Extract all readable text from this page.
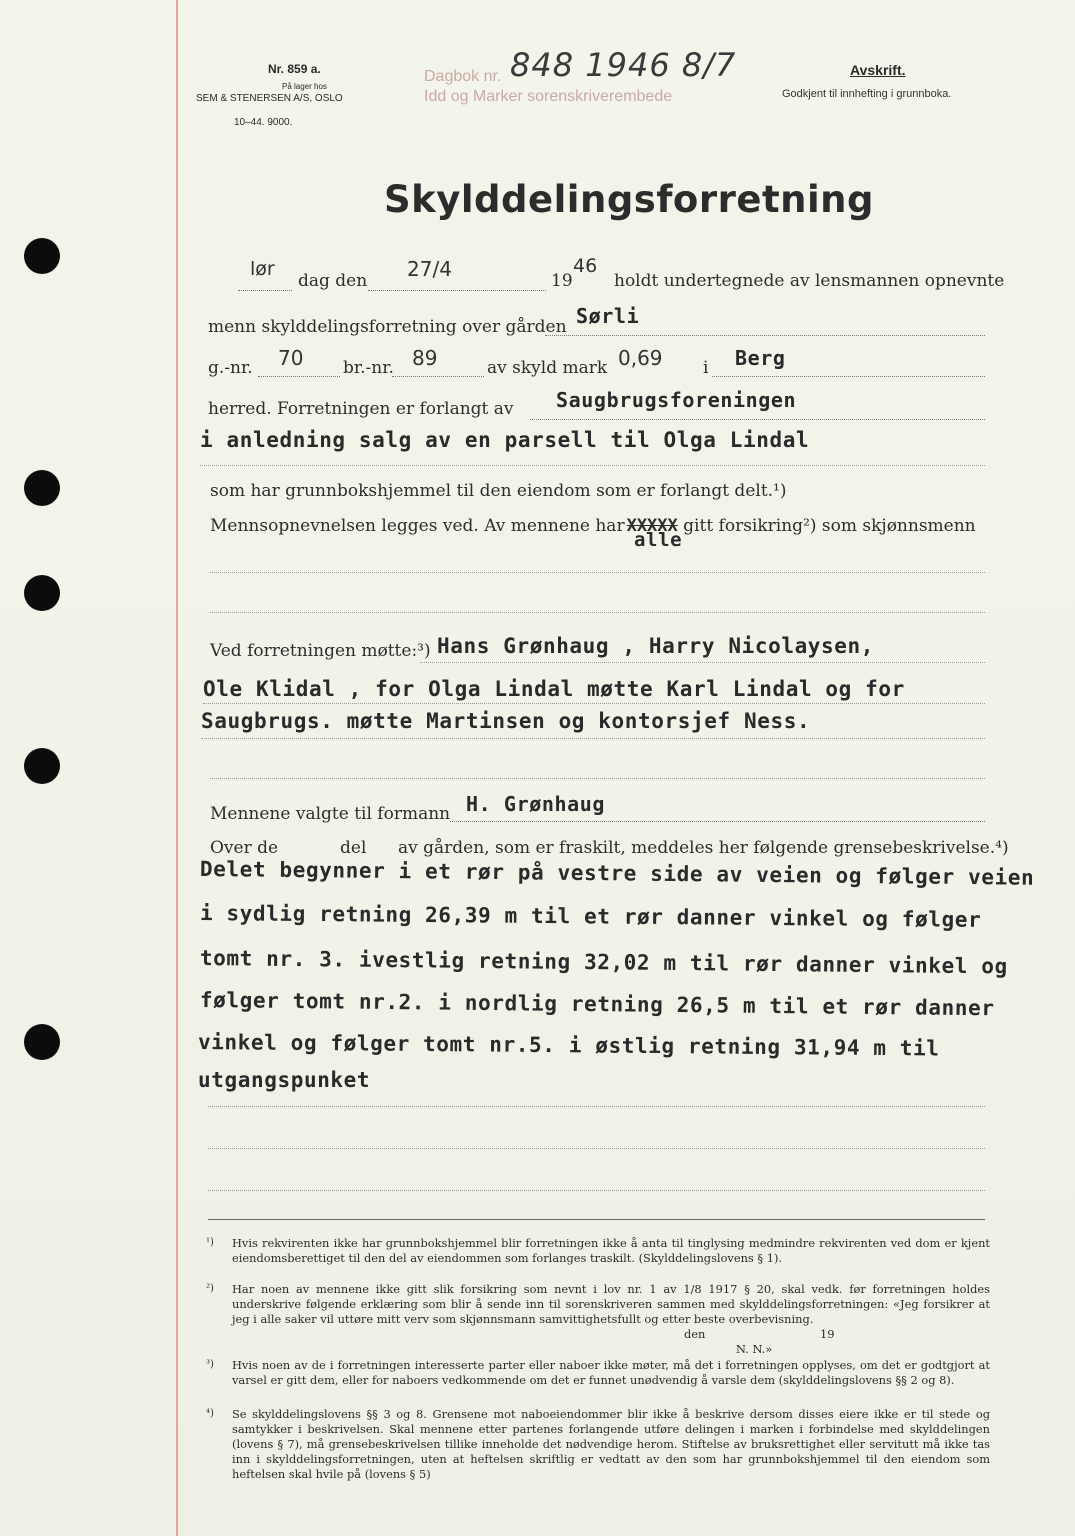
Nr. 859 a.
På lager hos
SEM & STENERSEN A/S, OSLO
10–44. 9000.
Dagbok nr.
Idd og Marker sorenskriverembede
848 1946 8/7	Avskrift.
Godkjent til innhefting i grunnboka.
Skylddelingsforretning
lør
dag den 27/4	19
46
holdt undertegnede av lensmannen opnevnte
menn skylddelingsforretning over gården Sørli
g.-nr. 70 br.-nr. 89	av skyld mark 0,69 i Berg
herred. Forretningen er forlangt av Saugbrugsforeningen
i anledning salg av en parsell til Olga Lindal
som har grunnbokshjemmel til den eiendom som er forlangt delt.¹)
Mennsopnevnelsen legges ved. Av mennene har XXXXX gitt forsikring²) som skjønnsmenn
alle
Ved forretningen møtte:³) Hans Grønhaug , Harry Nicolaysen,
Ole Klidal , for Olga Lindal møtte Karl Lindal og for
Saugbrugs. møtte Martinsen og kontorsjef Ness.
Mennene valgte til formann H. Grønhaug
Over de	del av gården, som er fraskilt, meddeles her følgende grensebeskrivelse.⁴)
Delet begynner i et rør på vestre side av veien og følger veien
i sydlig retning 26,39 m til et rør danner vinkel og følger
tomt nr. 3. ivestlig retning 32,02 m til rør danner vinkel og
følger tomt nr.2. i nordlig retning 26,5 m til et rør danner
vinkel og følger tomt nr.5. i østlig retning 31,94 m til
utgangspunket
¹) Hvis rekvirenten ikke har grunnbokshjemmel blir forretningen ikke å anta til tinglysing medmindre rekvirenten ved dom er kjent eiendomsberettiget til den del av eiendommen som forlanges traskilt. (Skylddelingslovens § 1).
²) Har noen av mennene ikke gitt slik forsikring som nevnt i lov nr. 1 av 1/8 1917 § 20, skal vedk. før forretningen holdes underskrive følgende erklæring som blir å sende inn til sorenskriveren sammen med skylddelingsforretningen: «Jeg forsikrer at jeg i alle saker vil uttøre mitt verv som skjønnsmann samvittighetsfullt og etter beste overbevisning.
den	19
N. N.»
³) Hvis noen av de i forretningen interesserte parter eller naboer ikke møter, må det i forretningen opplyses, om det er godtgjort at varsel er gitt dem, eller for naboers vedkommende om det er funnet unødvendig å varsle dem (skylddelingslovens §§ 2 og 8).
⁴) Se skylddelingslovens §§ 3 og 8. Grensene mot naboeiendommer blir ikke å beskrive dersom disses eiere ikke er til stede og samtykker i beskrivelsen. Skal mennene etter partenes forlangende utføre delingen i marken i forbindelse med skylddelingen (lovens § 7), må grensebeskrivelsen tillike inneholde det nødvendige herom. Stiftelse av bruksrettighet eller servitutt må ikke tas inn i skylddelingsforretningen, uten at heftelsen skriftlig er vedtatt av den som har grunnbokshjemmel til den eiendom som heftelsen skal hvile på (lovens § 5)
